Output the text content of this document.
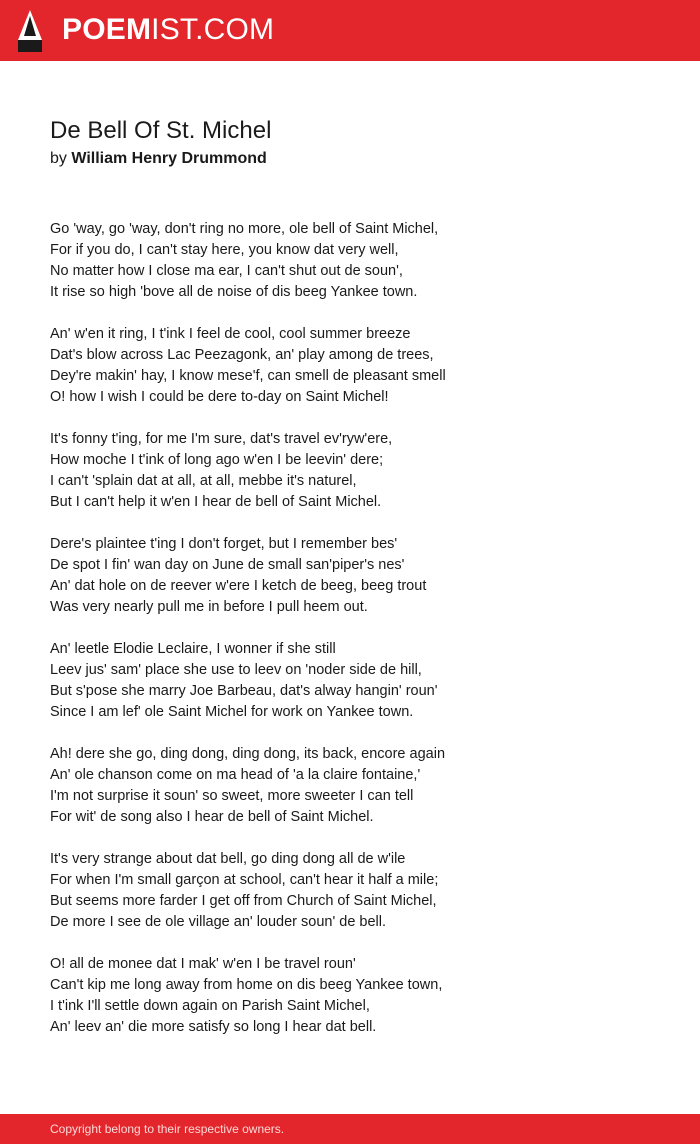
POEMIST.COM
De Bell Of St. Michel
by William Henry Drummond
Go 'way, go 'way, don't ring no more, ole bell of Saint Michel,
For if you do, I can't stay here, you know dat very well,
No matter how I close ma ear, I can't shut out de soun',
It rise so high 'bove all de noise of dis beeg Yankee town.
An' w'en it ring, I t'ink I feel de cool, cool summer breeze
Dat's blow across Lac Peezagonk, an' play among de trees,
Dey're makin' hay, I know mese'f, can smell de pleasant smell
O! how I wish I could be dere to-day on Saint Michel!
It's fonny t'ing, for me I'm sure, dat's travel ev'ryw'ere,
How moche I t'ink of long ago w'en I be leevin' dere;
I can't 'splain dat at all, at all, mebbe it's naturel,
But I can't help it w'en I hear de bell of Saint Michel.
Dere's plaintee t'ing I don't forget, but I remember bes'
De spot I fin' wan day on June de small san'piper's nes'
An' dat hole on de reever w'ere I ketch de beeg, beeg trout
Was very nearly pull me in before I pull heem out.
An' leetle Elodie Leclaire, I wonner if she still
Leev jus' sam' place she use to leev on 'noder side de hill,
But s'pose she marry Joe Barbeau, dat's alway hangin' roun'
Since I am lef' ole Saint Michel for work on Yankee town.
Ah! dere she go, ding dong, ding dong, its back, encore again
An' ole chanson come on ma head of 'a la claire fontaine,'
I'm not surprise it soun' so sweet, more sweeter I can tell
For wit' de song also I hear de bell of Saint Michel.
It's very strange about dat bell, go ding dong all de w'ile
For when I'm small garçon at school, can't hear it half a mile;
But seems more farder I get off from Church of Saint Michel,
De more I see de ole village an' louder soun' de bell.
O! all de monee dat I mak' w'en I be travel roun'
Can't kip me long away from home on dis beeg Yankee town,
I t'ink I'll settle down again on Parish Saint Michel,
An' leev an' die more satisfy so long I hear dat bell.
Copyright belong to their respective owners.
